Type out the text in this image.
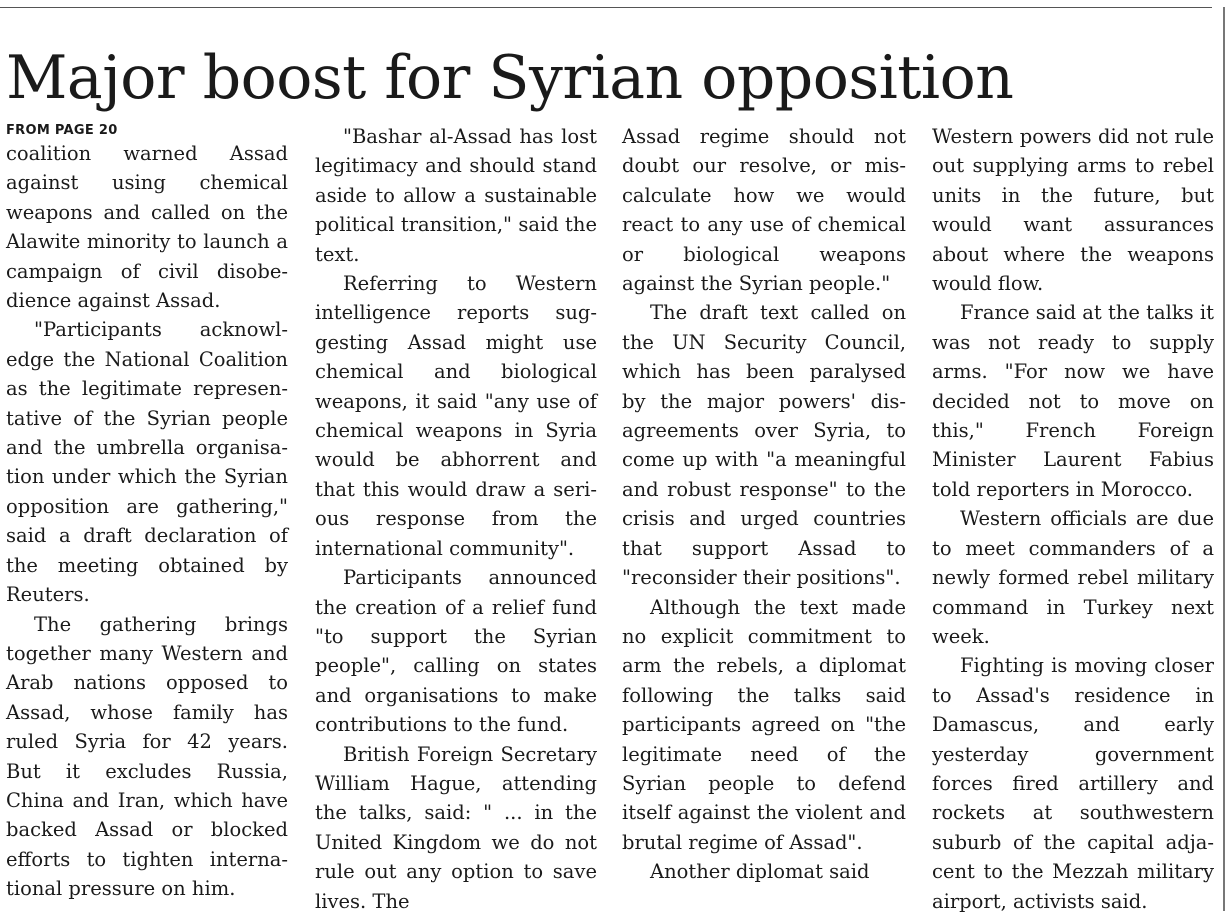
Major boost for Syrian opposition
FROM PAGE 20

coalition warned Assad against using chemical weapons and called on the Alawite minority to launch a campaign of civil disobedience against Assad.

"Participants acknowledge the National Coalition as the legitimate representative of the Syrian people and the umbrella organisation under which the Syrian opposition are gathering," said a draft declaration of the meeting obtained by Reuters.

The gathering brings together many Western and Arab nations opposed to Assad, whose family has ruled Syria for 42 years. But it excludes Russia, China and Iran, which have backed Assad or blocked efforts to tighten international pressure on him.

"Bashar al-Assad has lost legitimacy and should stand aside to allow a sustainable political transition," said the text.

Referring to Western intelligence reports suggesting Assad might use chemical and biological weapons, it said "any use of chemical weapons in Syria would be abhorrent and that this would draw a serious response from the international community".

Participants announced the creation of a relief fund "to support the Syrian people", calling on states and organisations to make contributions to the fund.

British Foreign Secretary William Hague, attending the talks, said: " ... in the United Kingdom we do not rule out any option to save lives. The

Assad regime should not doubt our resolve, or miscalculate how we would react to any use of chemical or biological weapons against the Syrian people."

The draft text called on the UN Security Council, which has been paralysed by the major powers' disagreements over Syria, to come up with "a meaningful and robust response" to the crisis and urged countries that support Assad to "reconsider their positions".

Although the text made no explicit commitment to arm the rebels, a diplomat following the talks said participants agreed on "the legitimate need of the Syrian people to defend itself against the violent and brutal regime of Assad".

Another diplomat said

Western powers did not rule out supplying arms to rebel units in the future, but would want assurances about where the weapons would flow.

France said at the talks it was not ready to supply arms. "For now we have decided not to move on this," French Foreign Minister Laurent Fabius told reporters in Morocco.

Western officials are due to meet commanders of a newly formed rebel military command in Turkey next week.

Fighting is moving closer to Assad's residence in Damascus, and early yesterday government forces fired artillery and rockets at southwestern suburb of the capital adjacent to the Mezzah military airport, activists said.
